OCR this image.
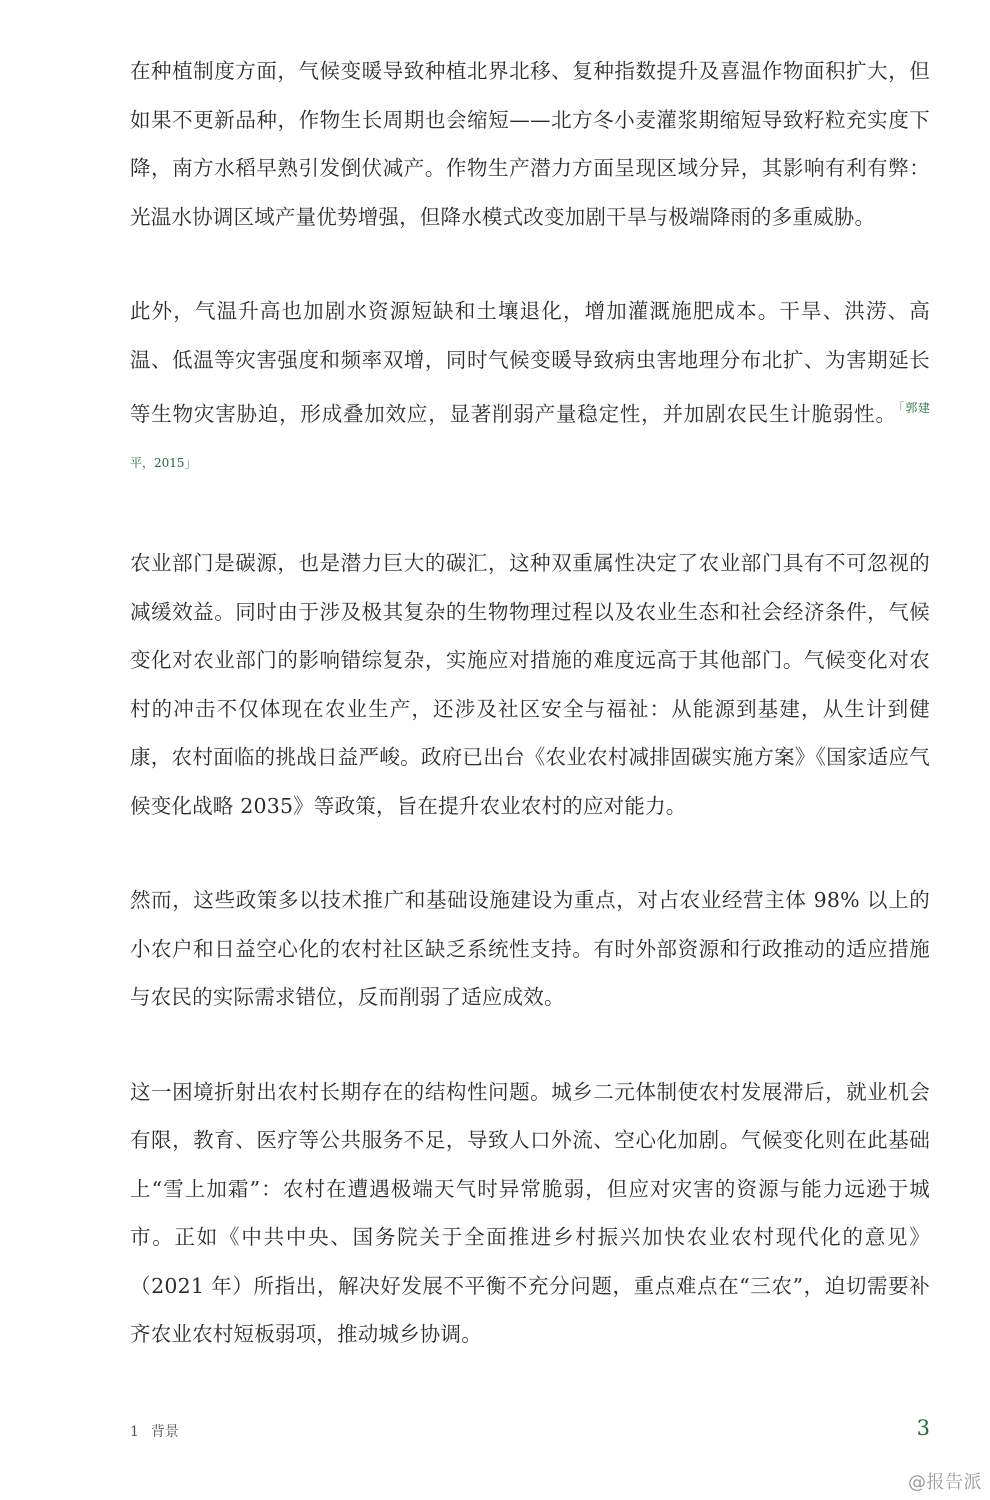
在种植制度方面，气候变暖导致种植北界北移、复种指数提升及喜温作物面积扩大，但如果不更新品种，作物生长周期也会缩短——北方冬小麦灌浆期缩短导致籽粒充实度下降，南方水稻早熟引发倒伏减产。作物生产潜力方面呈现区域分异，其影响有利有弊：光温水协调区域产量优势增强，但降水模式改变加剧干旱与极端降雨的多重威胁。

此外，气温升高也加剧水资源短缺和土壤退化，增加灌溉施肥成本。干旱、洪涝、高温、低温等灾害强度和频率双增，同时气候变暖导致病虫害地理分布北扩、为害期延长等生物灾害胁迫，形成叠加效应，显著削弱产量稳定性，并加剧农民生计脆弱性。 $^{「郭建平,2015」}$

农业部门是碳源，也是潜力巨大的碳汇，这种双重属性决定了农业部门具有不可忽视的减缓效益。同时由于涉及极其复杂的生物物理过程以及农业生态和社会经济条件，气候变化对农业部门的影响错综复杂，实施应对措施的难度远高于其他部门。气候变化对农村的冲击不仅体现在农业生产，还涉及社区安全与福祉：从能源到基建，从生计到健康，农村面临的挑战日益严峻。政府已出台《农业农村减排固碳实施方案》《国家适应气候变化战略 2035》等政策，旨在提升农业农村的应对能力。

然而，这些政策多以技术推广和基础设施建设为重点，对占农业经营主体 98% 以上的小农户和日益空心化的农村社区缺乏系统性支持。有时外部资源和行政推动的适应措施与农民的实际需求错位，反而削弱了适应成效。

这一困境折射出农村长期存在的结构性问题。城乡二元体制使农村发展滞后，就业机会有限，教育、医疗等公共服务不足，导致人口外流、空心化加剧。气候变化则在此基础上“雪上加霜”：农村在遭遇极端天气时异常脆弱，但应对灾害的资源与能力远逊于城市。正如《中共中央、国务院关于全面推进乡村振兴加快农业农村现代化的意见》（2021 年）所指出，解决好发展不平衡不充分问题，重点难点在“三农”，迫切需要补齐农业农村短板弱项，推动城乡协调。

1 背景	3
@报告派
